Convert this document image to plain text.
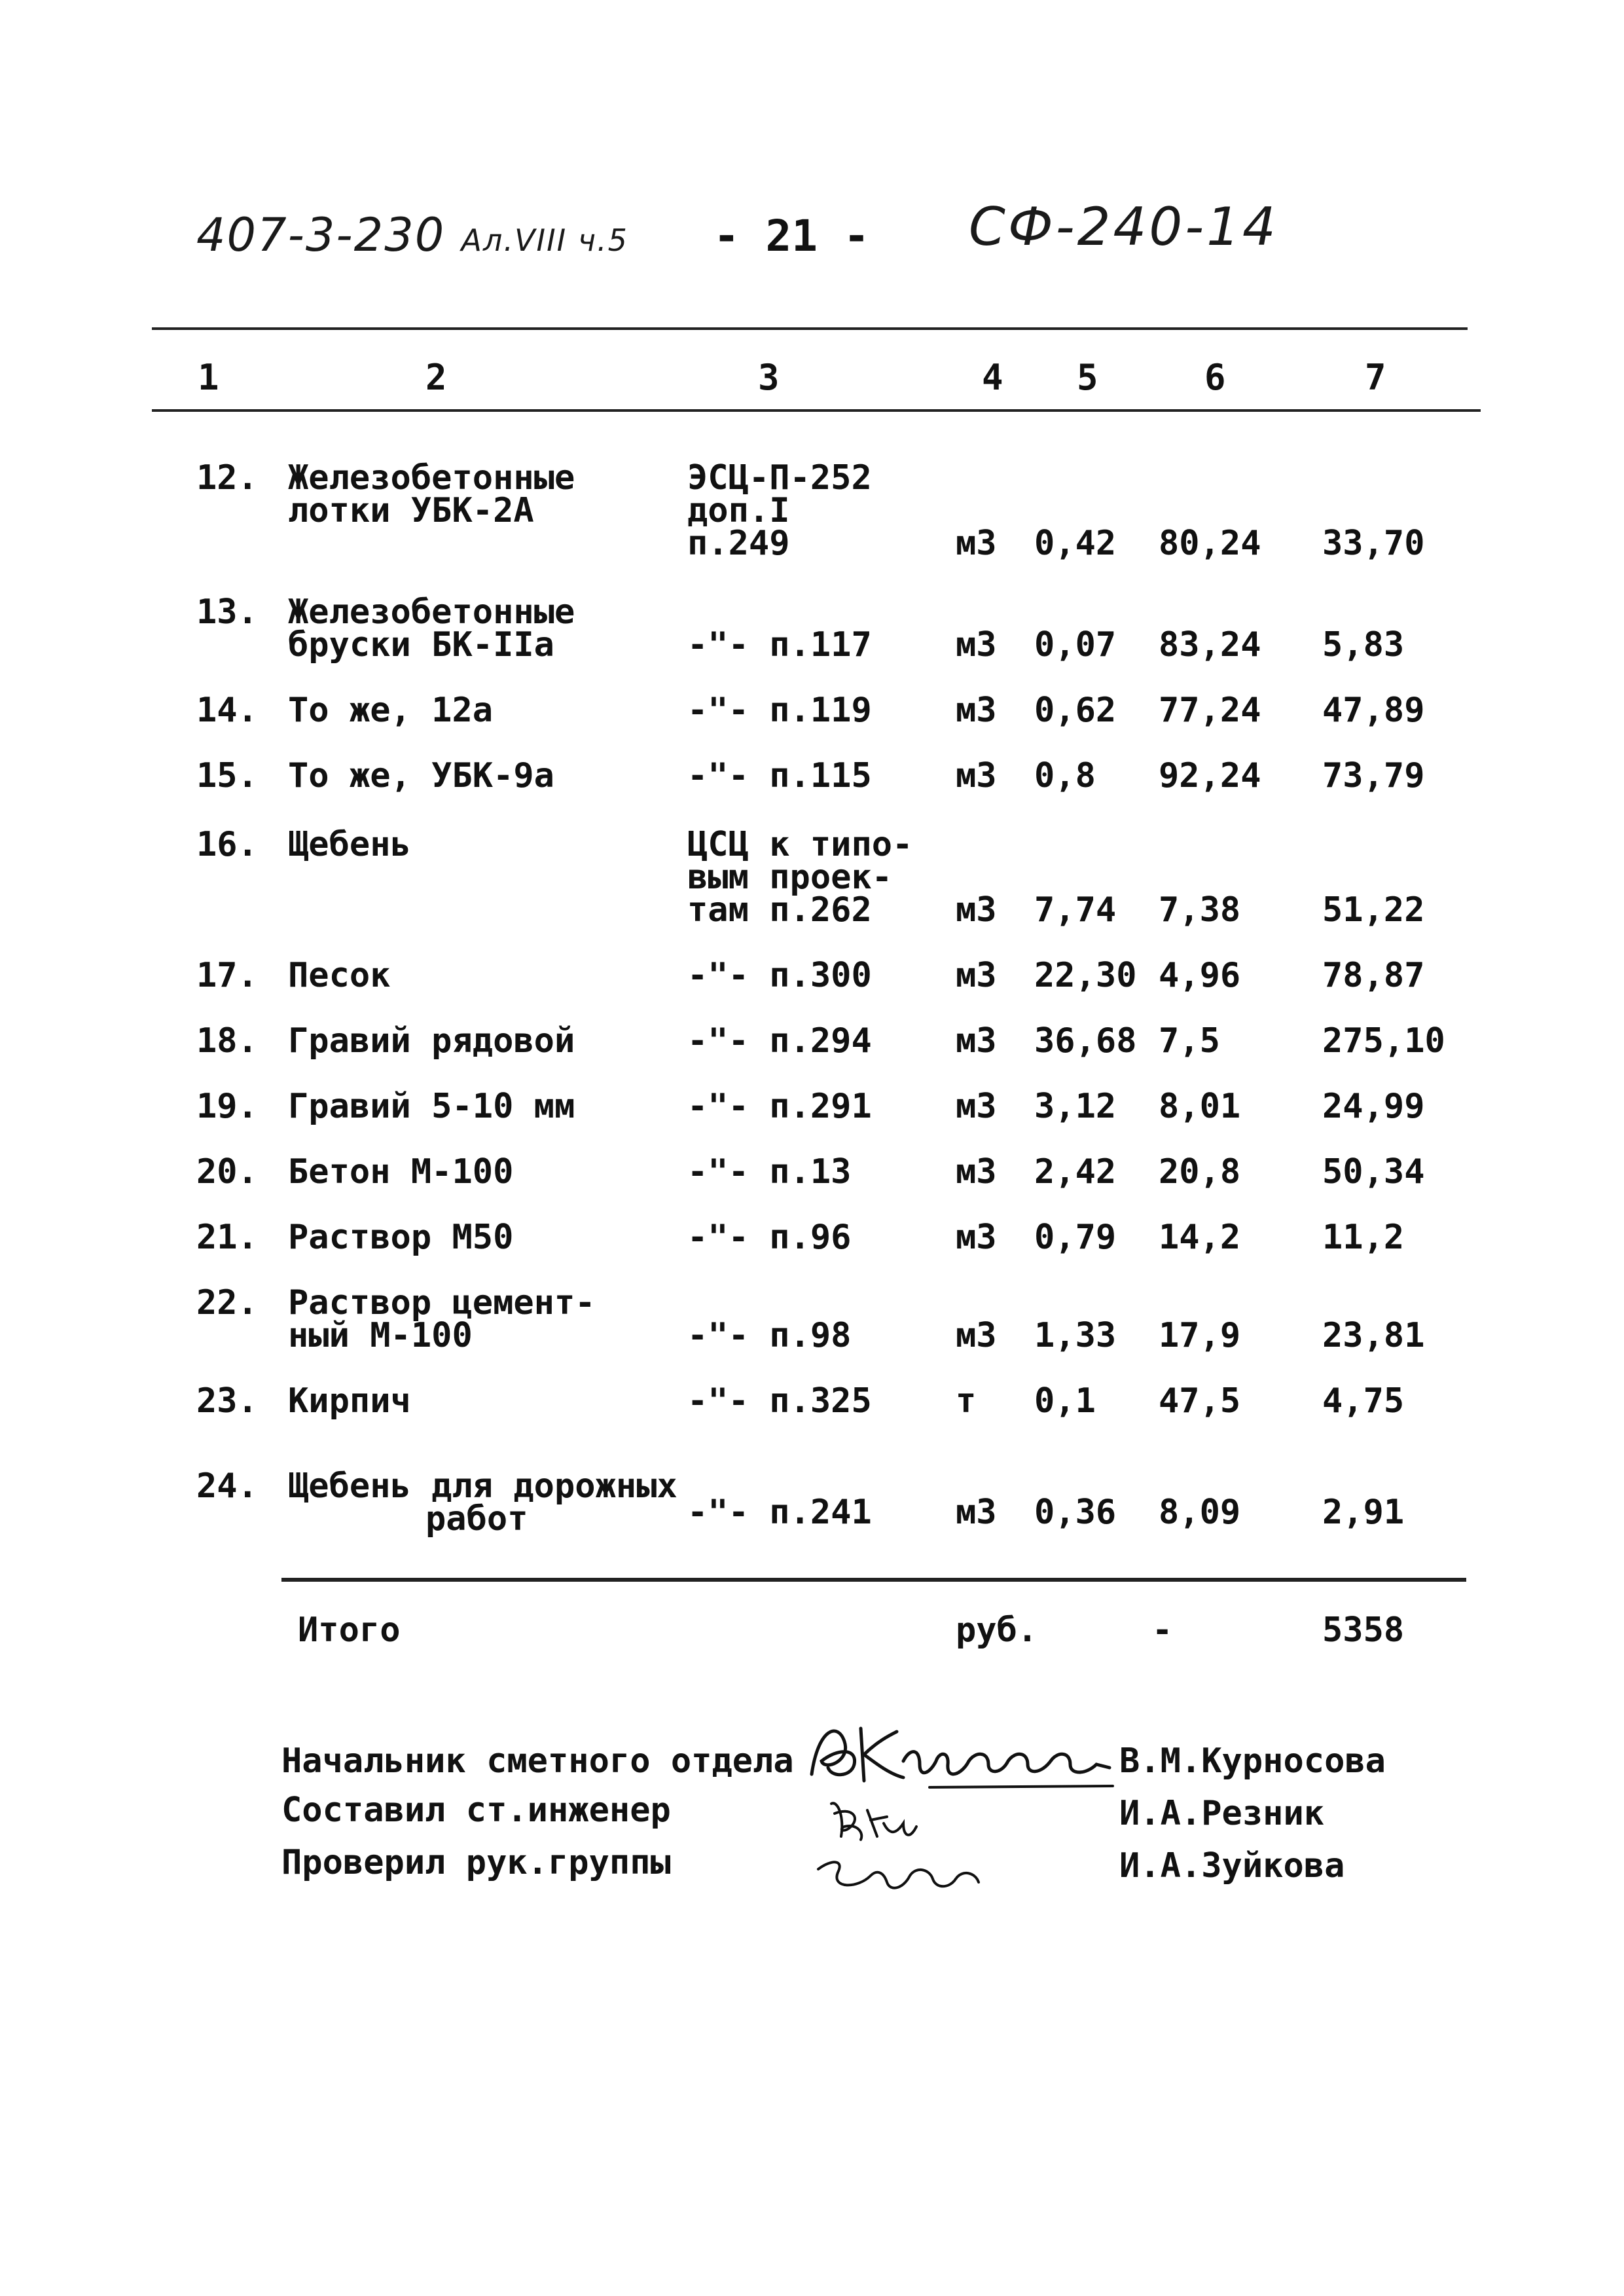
407-3-230 Ал.VIII ч.5 - 21 - СФ-240-14
1	2	3	4 5	6	7
12. Железобетонные
лотки УБК-2А
ЭСЦ-П-252
доп.I
п.249	м3 0,42 80,24 33,70
13. Железобетонные
бруски БК-IIа	-"- п.117 м3 0,07 83,24 5,83
14. То же, 12а	-"- п.119 м3 0,62 77,24 47,89
15. То же, УБК-9а	-"- п.115 м3 0,8 92,24 73,79
16. Щебень	ЦСЦ к типо-
вым проек-
там п.262 м3 7,74 7,38 51,22
17. Песок	-"- п.300 м3 22,30 4,96 78,87
18. Гравий рядовой	-"- п.294 м3 36,68 7,5	275,10
19. Гравий 5-10 мм	-"- п.291 м3 3,12 8,01 24,99
20. Бетон М-100	-"- п.13	м3 2,42 20,8 50,34
21. Раствор М50	-"- п.96	м3 0,79 14,2 11,2
22. Раствор цемент-
ный М-100	-"- п.98	м3 1,33 17,9 23,81
23. Кирпич	-"- п.325 т 0,1 47,5 4,75
24. Щебень для дорожных
работ	-"- п.241 м3 0,36 8,09 2,91
Итого	руб.	-	5358
Начальник сметного отдела
Составил ст.инженер
Проверил рук.группы
В.М.Курносова
И.А.Резник
И.А.Зуйкова
